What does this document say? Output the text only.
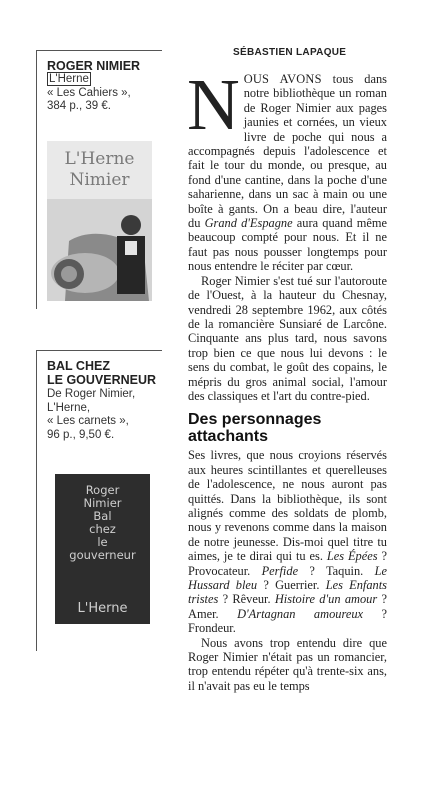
ROGER NIMIER
L'Herne
« Les Cahiers »,
384 p., 39 €.
L'Herne
Nimier
BAL CHEZ
LE GOUVERNEUR
De Roger Nimier,
L'Herne,
« Les carnets »,
96 p., 9,50 €.
Roger
Nimier
Bal
chez
le
gouverneur
L'Herne
SÉBASTIEN LAPAQUE

NOUS AVONS tous dans notre bibliothèque un roman de Roger Nimier aux pages jaunies et cornées, un vieux livre de poche qui nous a accompagnés depuis l'adolescence et fait le tour du monde, ou presque, au fond d'une cantine, dans la poche d'une saharienne, dans un sac à main ou une boîte à gants. On a beau dire, l'auteur du Grand d'Espagne aura quand même beaucoup compté pour nous. Et il ne faut pas nous pousser longtemps pour nous entendre le réciter par cœur.

Roger Nimier s'est tué sur l'autoroute de l'Ouest, à la hauteur du Chesnay, vendredi 28 septembre 1962, aux côtés de la romancière Sunsiaré de Larcône. Cinquante ans plus tard, nous savons trop bien ce que nous lui devons : le sens du combat, le goût des copains, le mépris du gros animal social, l'amour des classiques et l'art du contre-pied.

Des personnages attachants

Ses livres, que nous croyions réservés aux heures scintillantes et querelleuses de l'adolescence, ne nous auront pas quittés. Dans la bibliothèque, ils sont alignés comme des soldats de plomb, nous y revenons comme dans la maison de notre jeunesse. Dis-moi quel titre tu aimes, je te dirai qui tu es. Les Épées ? Provocateur. Perfide ? Taquin. Le Hussard bleu ? Guerrier. Les Enfants tristes ? Rêveur. Histoire d'un amour ? Amer. D'Artagnan amoureux ? Frondeur.

Nous avons trop entendu dire que Roger Nimier n'était pas un romancier, trop entendu répéter qu'à trente-six ans, il n'avait pas eu le temps
